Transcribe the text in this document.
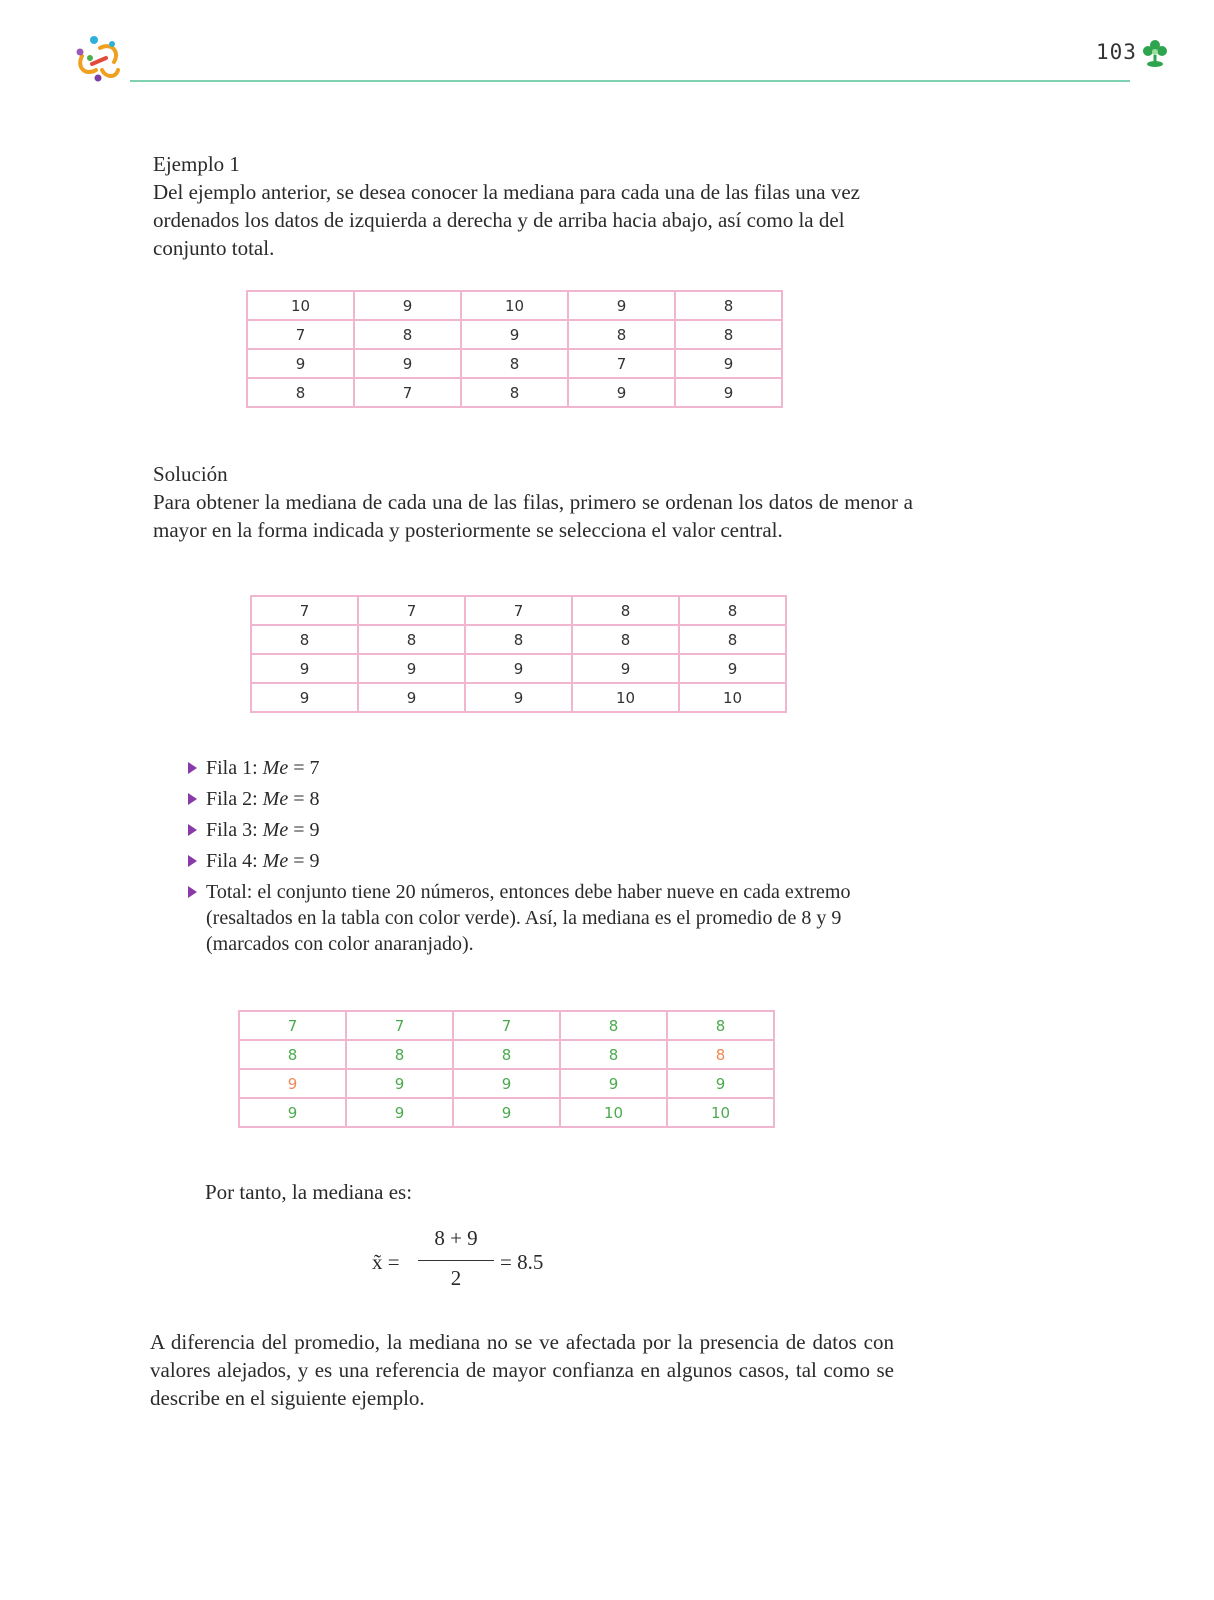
103

Ejemplo 1

Del ejemplo anterior, se desea conocer la mediana para cada una de las filas una vez ordenados los datos de izquierda a derecha y de arriba hacia abajo, así como la del conjunto total.

10	9	10	9	8
7	8	9	8	8
9	9	8	7	9
8	7	8	9	9

Solución

Para obtener la mediana de cada una de las filas, primero se ordenan los datos de menor a mayor en la forma indicada y posteriormente se selecciona el valor central.

7	7	7	8	8
8	8	8	8	8
9	9	9	9	9
9	9	9	10	10
Fila 1: Me = 7
Fila 2: Me = 8
Fila 3: Me = 9
Fila 4: Me = 9
Total: el conjunto tiene 20 números, entonces debe haber nueve en cada extremo (resaltados en la tabla con color verde). Así, la mediana es el promedio de 8 y 9 (marcados con color anaranjado).
7	7	7	8	8
8	8	8	8	8
9	9	9	9	9
9	9	9	10	10
Por tanto, la mediana es:
x̃ =
8 + 9
2
= 8.5
A diferencia del promedio, la mediana no se ve afectada por la presencia de datos con valores alejados, y es una referencia de mayor confianza en algunos casos, tal como se describe en el siguiente ejemplo.
